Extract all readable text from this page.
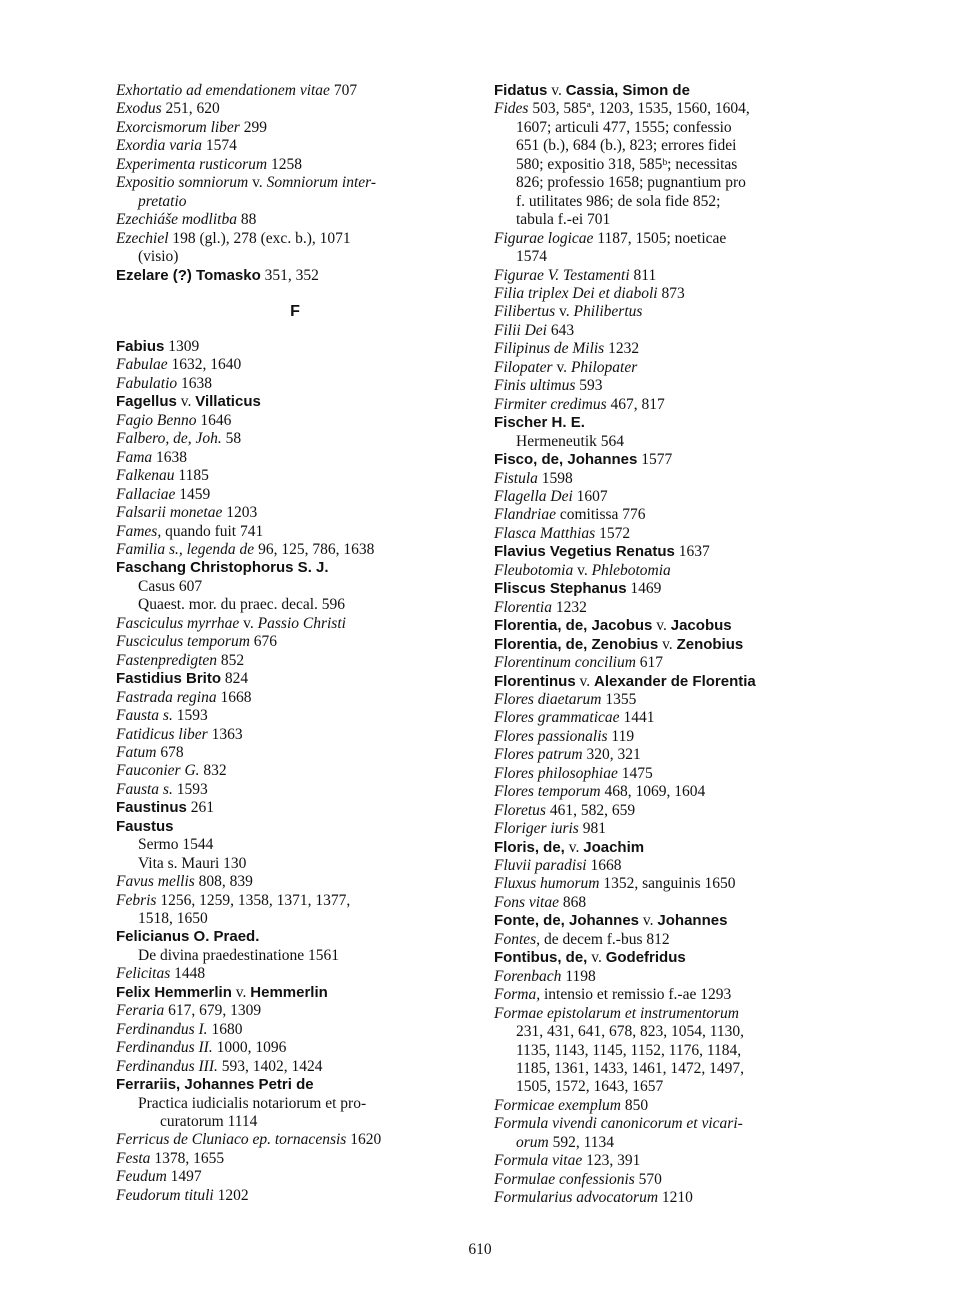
Exhortatio ad emendationem vitae 707
Exodus 251, 620
Exorcismorum liber 299
Exordia varia 1574
Experimenta rusticorum 1258
Expositio somniorum v. Somniorum inter-
pretatio
Ezechiáše modlitba 88
Ezechiel 198 (gl.), 278 (exc. b.), 1071
(visio)
Ezelare (?) Tomasko 351, 352
F
Fabius 1309
Fabulae 1632, 1640
Fabulatio 1638
Fagellus v. Villaticus
Fagio Benno 1646
Falbero, de, Joh. 58
Fama 1638
Falkenau 1185
Fallaciae 1459
Falsarii monetae 1203
Fames, quando fuit 741
Familia s., legenda de 96, 125, 786, 1638
Faschang Christophorus S. J.
Casus 607
Quaest. mor. du praec. decal. 596
Fasciculus myrrhae v. Passio Christi
Fusciculus temporum 676
Fastenpredigten 852
Fastidius Brito 824
Fastrada regina 1668
Fausta s. 1593
Fatidicus liber 1363
Fatum 678
Fauconier G. 832
Fausta s. 1593
Faustinus 261
Faustus
Sermo 1544
Vita s. Mauri 130
Favus mellis 808, 839
Febris 1256, 1259, 1358, 1371, 1377,
1518, 1650
Felicianus O. Praed.
De divina praedestinatione 1561
Felicitas 1448
Felix Hemmerlin v. Hemmerlin
Feraria 617, 679, 1309
Ferdinandus I. 1680
Ferdinandus II. 1000, 1096
Ferdinandus III. 593, 1402, 1424
Ferrariis, Johannes Petri de
Practica iudicialis notariorum et pro-
curatorum 1114
Ferricus de Cluniaco ep. tornacensis 1620
Festa 1378, 1655
Feudum 1497
Feudorum tituli 1202
Fidatus v. Cassia, Simon de
Fides 503, 585ª, 1203, 1535, 1560, 1604,
1607; articuli 477, 1555; confessio
651 (b.), 684 (b.), 823; errores fidei
580; expositio 318, 585ᵇ; necessitas
826; professio 1658; pugnantium pro
f. utilitates 986; de sola fide 852;
tabula f.-ei 701
Figurae logicae 1187, 1505; noeticae
1574
Figurae V. Testamenti 811
Filia triplex Dei et diaboli 873
Filibertus v. Philibertus
Filii Dei 643
Filipinus de Milis 1232
Filopater v. Philopater
Finis ultimus 593
Firmiter credimus 467, 817
Fischer H. E.
Hermeneutik 564
Fisco, de, Johannes 1577
Fistula 1598
Flagella Dei 1607
Flandriae comitissa 776
Flasca Matthias 1572
Flavius Vegetius Renatus 1637
Fleubotomia v. Phlebotomia
Fliscus Stephanus 1469
Florentia 1232
Florentia, de, Jacobus v. Jacobus
Florentia, de, Zenobius v. Zenobius
Florentinum concilium 617
Florentinus v. Alexander de Florentia
Flores diaetarum 1355
Flores grammaticae 1441
Flores passionalis 119
Flores patrum 320, 321
Flores philosophiae 1475
Flores temporum 468, 1069, 1604
Floretus 461, 582, 659
Floriger iuris 981
Floris, de, v. Joachim
Fluvii paradisi 1668
Fluxus humorum 1352, sanguinis 1650
Fons vitae 868
Fonte, de, Johannes v. Johannes
Fontes, de decem f.-bus 812
Fontibus, de, v. Godefridus
Forenbach 1198
Forma, intensio et remissio f.-ae 1293
Formae epistolarum et instrumentorum
231, 431, 641, 678, 823, 1054, 1130,
1135, 1143, 1145, 1152, 1176, 1184,
1185, 1361, 1433, 1461, 1472, 1497,
1505, 1572, 1643, 1657
Formicae exemplum 850
Formula vivendi canonicorum et vicari-
orum 592, 1134
Formula vitae 123, 391
Formulae confessionis 570
Formularius advocatorum 1210
610
